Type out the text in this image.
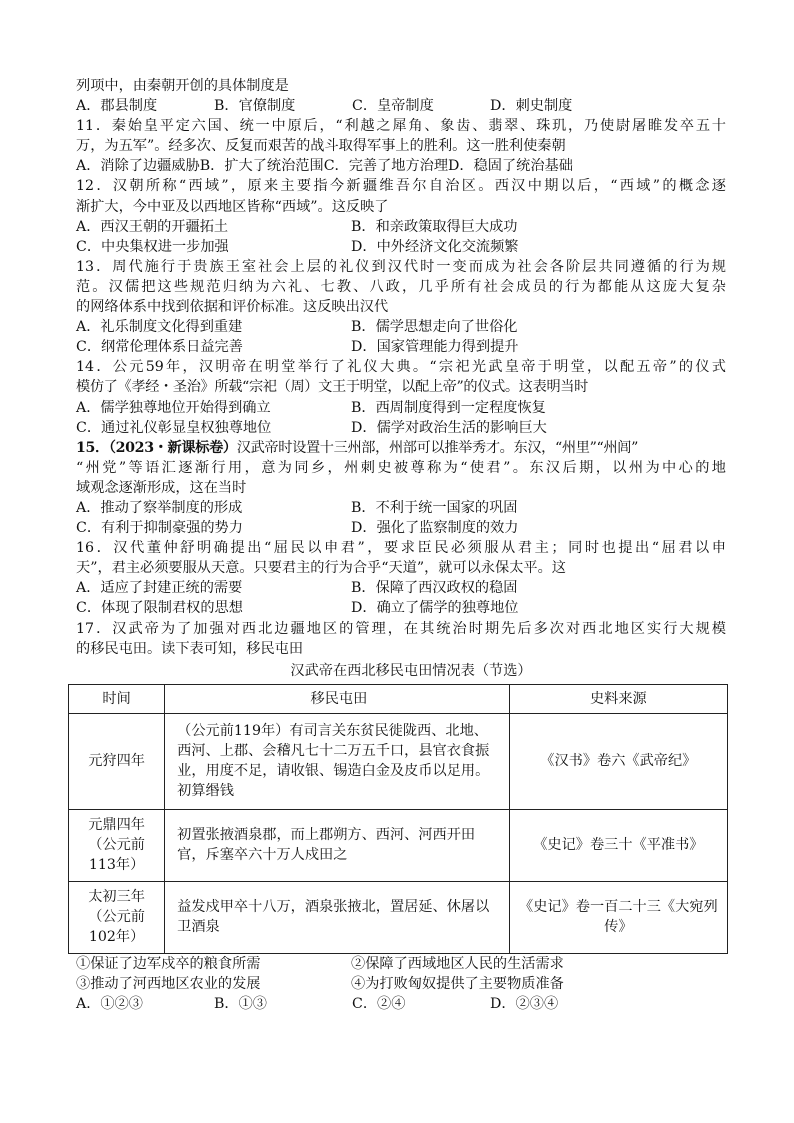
列项中，由秦朝开创的具体制度是
A．郡县制度	B．官僚制度	C．皇帝制度	D．刺史制度
11．秦始皇平定六国、统一中原后，“利越之犀角、象齿、翡翠、珠玑，乃使尉屠睢发卒五十
万，为五军”。经多次、反复而艰苦的战斗取得军事上的胜利。这一胜利使秦朝
A．消除了边疆威胁B．扩大了统治范围C．完善了地方治理D．稳固了统治基础
12．汉朝所称“西域”，原来主要指今新疆维吾尔自治区。西汉中期以后，“西域”的概念逐
渐扩大，今中亚及以西地区皆称“西域”。这反映了
A．西汉王朝的开疆拓土	B．和亲政策取得巨大成功
C．中央集权进一步加强	D．中外经济文化交流频繁
13．周代施行于贵族王室社会上层的礼仪到汉代时一变而成为社会各阶层共同遵循的行为规
范。汉儒把这些规范归纳为六礼、七教、八政，几乎所有社会成员的行为都能从这庞大复杂
的网络体系中找到依据和评价标准。这反映出汉代
A．礼乐制度文化得到重建	B．儒学思想走向了世俗化
C．纲常伦理体系日益完善	D．国家管理能力得到提升
14．公元59年，汉明帝在明堂举行了礼仪大典。“宗祀光武皇帝于明堂，以配五帝”的仪式
模仿了《孝经・圣治》所载“宗祀（周）文王于明堂，以配上帝”的仪式。这表明当时
A．儒学独尊地位开始得到确立	B．西周制度得到一定程度恢复
C．通过礼仪彰显皇权独尊地位	D．儒学对政治生活的影响巨大
15．（2023・新课标卷）汉武帝时设置十三州部，州部可以推举秀才。东汉，“州里”“州闾”
“州党”等语汇逐渐行用，意为同乡，州刺史被尊称为“使君”。东汉后期，以州为中心的地
域观念逐渐形成，这在当时
A．推动了察举制度的形成	B．不利于统一国家的巩固
C．有利于抑制豪强的势力	D．强化了监察制度的效力
16．汉代董仲舒明确提出“屈民以申君”，要求臣民必须服从君主；同时也提出“屈君以申
天”，君主必须要服从天意。只要君主的行为合乎“天道”，就可以永保太平。这
A．适应了封建正统的需要	B．保障了西汉政权的稳固
C．体现了限制君权的思想	D．确立了儒学的独尊地位
17．汉武帝为了加强对西北边疆地区的管理，在其统治时期先后多次对西北地区实行大规模
的移民屯田。读下表可知，移民屯田
汉武帝在西北移民屯田情况表（节选）
时间	移民屯田	史料来源
元狩四年	（公元前119年）有司言关东贫民徙陇西、北地、西河、上郡、会稽凡七十二万五千口，县官衣食振业，用度不足，请收银、锡造白金及皮币以足用。初算缗钱	《汉书》卷六《武帝纪》
元鼎四年（公元前113年）	初置张掖酒泉郡，而上郡朔方、西河、河西开田官，斥塞卒六十万人戍田之	《史记》卷三十《平准书》
太初三年（公元前102年）	益发戍甲卒十八万，酒泉张掖北，置居延、休屠以卫酒泉	《史记》卷一百二十三《大宛列传》
①保证了边军戍卒的粮食所需	②保障了西域地区人民的生活需求
③推动了河西地区农业的发展	④为打败匈奴提供了主要物质准备
A．①②③	B．①③	C．②④	D．②③④
